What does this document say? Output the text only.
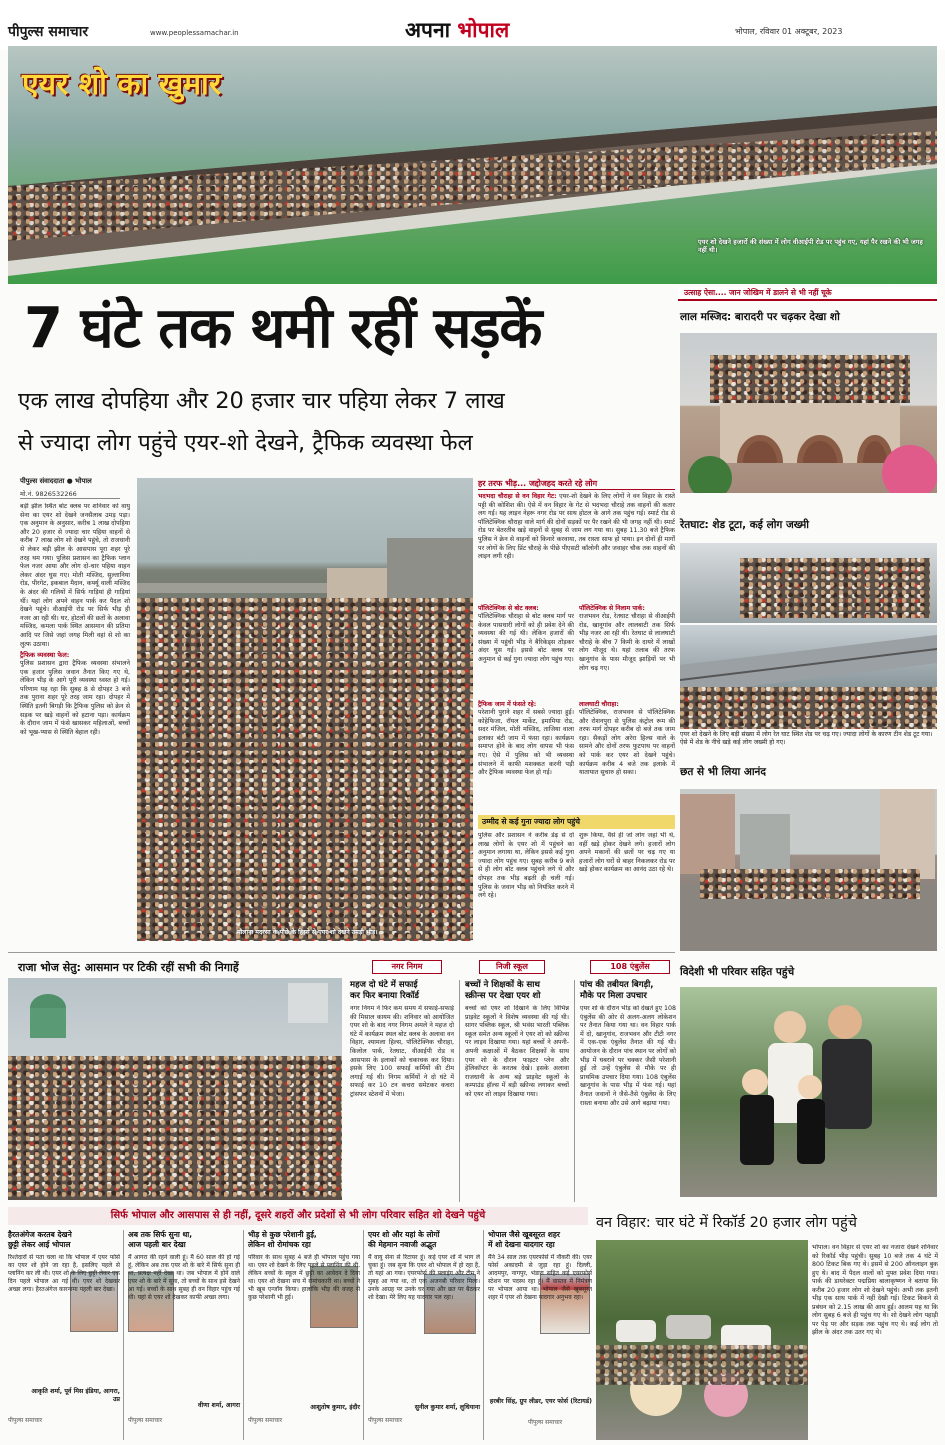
पीपुल्स समाचार	www.peoplessamachar.in	अपना भोपाल	भोपाल, रविवार 01 अक्टूबर, 2023
एयर शो का खुमार
एयर शो देखने हजारों की संख्या में लोग वीआईपी रोड पर पहुंच गए, यहां पैर रखने की भी जगह नहीं थी।
7 घंटे तक थमी रहीं सड़कें
एक लाख दोपहिया और 20 हजार चार पहिया लेकर 7 लाख
से ज्यादा लोग पहुंचे एयर-शो देखने, ट्रैफिक व्यवस्था फेल
उत्साह ऐसा.... जान जोखिम में डालने से भी नहीं चूके
लाल मस्जिद: बारादरी पर चढ़कर देखा शो
रेतघाट: शेड टूटा, कई लोग जख्मी
एयर शो देखने के लिए बड़ी संख्या में लोग रेत घाट स्थित शेड पर चढ़ गए। ज्यादा लोगों के कारण टीन शेड टूट गया। ऐसे में शेड के नीचे खड़े कई लोग जख्मी हो गए।
छत से भी लिया आनंद
विदेशी भी परिवार सहित पहुंचे
पीपुल्स संवाददाता ● भोपाल
मो.नं. 9826532266
बड़ी झील स्थित बोट क्लब पर शनिवार को वायु सेना का एयर शो देखने जनसैलाब उमड़ पड़ा। एक अनुमान के अनुसार, करीब 1 लाख दोपहिया और 20 हजार से ज्यादा चार पहिया वाहनों से करीब 7 लाख लोग शो देखने पहुंचे, तो राजधानी से लेकर बड़ी झील के आसपास पूरा शहर पूरे तरह थम गया। पुलिस प्रशासन का ट्रैफिक प्लान फेल नजर आया और लोग दो-चार पहिया वाहन लेकर अंदर घुस गए। मोती मस्जिद, सुल्तानिया रोड, पीरगेट, इकबाल मैदान, कर्फ्यू वाली मस्जिद के अंदर की गलियों में सिर्फ गाड़ियां ही गाड़ियां थीं। यहां लोग अपने वाहन पार्क कर पैदल शो देखने पहुंचे। वीआईपी रोड पर सिर्फ भीड़ ही नजर आ रही थी। घर, होटलों की छतों के अलावा मस्जिद, कमला पार्क स्थित आसमान की प्रतिमा आदि पर जिसे जहां जगह मिली वहां से शो का लुत्फ उठाया।
ट्रैफिक व्यवस्था फेल:
पुलिस प्रशासन द्वारा ट्रैफिक व्यवस्था संभालने एक हजार पुलिस जवान तैनात किए गए थे, लेकिन भीड़ के आगे पूरी व्यवस्था ध्वस्त हो गई। परिणाम यह रहा कि सुबह 8 से दोपहर 3 बजे तक पुराना शहर पूरे तरह जाम रहा। दोपहर में स्थिति इतनी बिगड़ी कि ट्रैफिक पुलिस को क्रेन से सड़क पर खड़े वाहनों को हटाना पड़ा। कार्यक्रम के दौरान जाम में फंसे खासकर महिलाओं, बच्चों को भूख-प्यास से स्थिति बेहाल रही।
मौलाना मदरसा के पीछे के हिस्से से एयर शो देखने उमड़ी भीड़।
हर तरफ भीड़... जद्दोजहद करते रहे लोग
भदभदा चौराहा से वन विहार गेट: एयर-शो देखने के लिए लोगों ने वन विहार के रास्ते पट्टी की कोशिश की। ऐसे में वन विहार के गेट से भदभदा चौराहे तक वाहनों की कतार लग गई। यह लाइन नेहरू नगर रोड पर साथ होटल के आगे तक पहुंच गई। स्मार्ट रोड से पॉलिटेक्निक चौराहा वाले मार्ग की दोनों सड़कों पर पैर रखने की भी जगह नहीं थी। स्मार्ट रोड पर बेतरतीब खड़े वाहनों से सुबह से जाम लग गया था। सुबह 11.30 बजे ट्रैफिक पुलिस ने क्रेन से वाहनों को किनारे करवाया, तब रास्ता साफ हो पाया। इन दोनों ही मार्गों पर लोगों के लिए प्रिंट चौराहे के पीछे पीएसटी कॉलोनी और जवाहर चौक तक वाहनों की लाइन लगी रही।
पॉलिटेक्निक से बोट क्लब:
पॉलिटेक्निक चौराहा से बोट क्लब मार्ग पर केवल पासधारी लोगों को ही प्रवेश देने की व्यवस्था की गई थी। लेकिन हजारों की संख्या में पहुंची भीड़ ने बैरिकेड्स तोड़कर अंदर घुस गई। इससे बोट क्लब पर अनुमान से कई गुना ज्यादा लोग पहुंच गए।
ट्रैफिक जाम में फंसते रहे:
परेशानी पुराने शहर में सबसे ज्यादा हुई। कोहेफिजा, रॉयल मार्केट, इमामिया रोड, सदर मंजिल, मोती मस्जिद, ताजिया वाला इलाका बंटी जाम में फंसा रहा। कार्यक्रम समाप्त होने के बाद लोग वापस भी फंस गए। ऐसे में पुलिस को भी व्यवस्था संभालने में काफी मशक्कत करनी पड़ी और ट्रैफिक व्यवस्था फेल हो गई।
पॉलिटेक्निक से निलाम पार्क:
राजभवन रोड, रेतघाट चौराहा से वीआईपी रोड, खानूगांव और लालबाटी तक सिर्फ भीड़ नजर आ रही थी। रेतघाट से लालघाटी चौराहे के बीच 7 किमी के दायरे में लाखों लोग मौजूद थे। यहां तलाब की तरफ खानूगांव के पास मौजूद झाड़ियों पर भी लोग चढ़ गए।
लालघाटी चौराहा:
पॉलिटेक्निक, राजभवन से पॉलिटेक्निक और रोशनपुरा से पुलिस कंट्रोल रूम की तरफ मार्ग दोपहर करीब दो बजे तक जाम रहा। सैकड़ों लोग अरेरा हिल्स वाले के सामने और दोनों तरफ फुटपाथ पर वाहनों को पार्क कर एयर शो देखने पहुंचे। कार्यक्रम करीब 4 बजे तक इलाके में यातायात सुचारु हो सका।
उम्मीद से कई गुना ज्यादा लोग पहुंचे
पुलिस और प्रशासन ने करीब डेढ़ से दो लाख लोगों के एयर शो में पहुंचने का अनुमान लगाया था, लेकिन इससे कई गुना ज्यादा लोग पहुंच गए। सुबह करीब 9 बजे से ही लोग बोट क्लब पहुंचने लगे थे और दोपहर तक भीड़ बढ़ती ही चली गई। पुलिस के जवान भीड़ को नियंत्रित करने में लगे रहे।
शुरू किया, वैसे ही जो लोग जहां भी थे, वहीं खड़े होकर देखने लगे। हजारों लोग अपने मकानों की छतों पर चढ़ गए या हजारों लोग घरों से बाहर निकलकर रोड पर खड़े होकर कार्यक्रम का आनंद उठा रहे थे।
राजा भोज सेतु: आसमान पर टिकी रहीं सभी की निगाहें	नगर निगम	निजी स्कूल	108 एंबुलेंस
महज दो घंटे में सफाई
कर फिर बनाया रिकॉर्ड
नगर निगम ने फिर कम समय में सफाई-सफाई की मिसाल कायम की। शनिवार को आयोजित एयर शो के बाद नगर निगम अमले ने महज दो घंटे में कार्यक्रम स्थल बोट क्लब के अलावा वन विहार, श्यामला हिल्स, पॉलिटेक्निक चौराहा, किलोल पार्क, रेतघाट, वीआईपी रोड व आसपास के इलाकों को चकाचक कर दिया। इसके लिए 100 सफाई कर्मियों की टीम लगाई गई थी। निगम कर्मियों ने दो घंटे में सफाई कर 10 टन कचरा समेटकर कचरा ट्रांसफर स्टेशनों में भेजा।
बच्चों ने शिक्षकों के साथ
स्क्रीन्स पर देखा एयर शो
बच्चों को एयर शो दिखाने के लिए विभिन्न प्राइवेट स्कूलों ने विशेष व्यवस्था की गई थी। सागर पब्लिक स्कूल, श्री भवंस भारती पब्लिक स्कूल समेत अन्य स्कूलों ने एयर शो को स्क्रीन्स पर लाइव दिखाया गया। यहां बच्चों ने अपनी-अपनी कक्षाओं में बैठकर शिक्षकों के साथ एयर शो के दौरान फाइटर प्लेन और हेलिकॉप्टर के करतब देखे। इसके अलावा राजधानी के अन्य बड़े प्राइवेट स्कूलों के कम्पाउंड हॉल्स में बड़ी स्क्रीन्स लगाकर बच्चों को एयर शो लाइव दिखाया गया।
पांच की तबीयत बिगड़ी,
मौके पर मिला उपचार
एयर शो के दौरान भीड़ को देखते हुए 108 एंबुलेंस की ओर से अलग-अलग लोकेशन पर तैनात किया गया था। वन विहार पार्क में दो, खानूगांव, राजभवन और टीटी नगर में एक-एक एंबुलेंस तैनात की गई थी। आयोजन के दौरान पांच स्थान पर लोगों को भीड़ में घबराने पर चक्कर जैसी परेशानी हुई तो उन्हें एंबुलेंस से मौके पर ही प्राथमिक उपचार दिया गया। 108 एंबुलेंस खानूगांव के पास भीड़ में फंस गई। यहां तैनात जवानों ने जैसे-तैसे एंबुलेंस के लिए रास्ता बनाया और उसे आगे बढ़ाया गया।
सिर्फ भोपाल और आसपास से ही नहीं, दूसरे शहरों और प्रदेशों से भी लोग परिवार सहित शो देखने पहुंचे
हैरतअंगेज करतब देखने
छुट्टी लेकर आई भोपाल
रिश्तेदारों से पता चला था कि भोपाल में एयर फोर्स का एयर शो होने जा रहा है, इसलिए पहले से प्लानिंग कर ली थी। एयर शो के लिए छुट्टी लेकर एक दिन पहले भोपाल आ गई थी। एयर शो देखकर अच्छा लगा। हैरतअंगेज कारनामा पहली बार देखा।
आकृति शर्मा, पूर्व मिस इंडिया, आगरा, उप्र
पीपुल्स समाचार
अब तक सिर्फ सुना था,
आज पहली बार देखा
मैं आगरा की रहने वाली हूं। मैं 60 साल की हो गई हूं, लेकिन अब तक एयर शो के बारे में सिर्फ सुना ही था, प्रत्यक्ष नहीं देखा था। जब भोपाल में होने वाले एयर शो के बारे में सुना, तो बच्चों के साथ इसे देखने आ गई। बच्चों के साथ सुबह ही वन विहार पहुंच गई थी। यहां से एयर शो देखकर काफी अच्छा लगा।
वीणा शर्मा, आगरा
पीपुल्स समाचार
भीड़ से कुछ परेशानी हुई,
लेकिन शो रोमांचक रहा
परिवार के साथ सुबह 4 बजे ही भोपाल पहुंच गया था। एयर शो देखने के लिए पहले से प्लानिंग की थी, लेकिन बच्चों के स्कूल में छुट्टी का आवेदन दे दिया था। एयर शो देखना सच में रोमांचकारी था। बच्चों ने भी खूब एन्जॉय किया। हालांकि भीड़ की वजह से कुछ परेशानी भी हुई।
आशुतोष कुमार, इंदौर
पीपुल्स समाचार
एयर शो और यहां के लोगों
की मेहमान नवाजी अद्भुत
मैं वायु सेना से रिटायर हूं। कई एयर शो में भाग ले चुका हूं। जब सुना कि एयर शो भोपाल में हो रहा है, तो यहां आ गया। एयरफोर्स की फ्लाइंग और टीम ने सुबह आ गया था, तो एक अजनबी परिवार मिला। उनके आग्रह पर उनके घर गया और छत पर बैठकर शो देखा। मेरे लिए यह यादगार पल रहा।
सुनील कुमार शर्मा, लुधियाना
पीपुल्स समाचार
भोपाल जैसे खूबसूरत शहर
में शो देखना यादगार रहा
मैंने 34 साल तक एयरफोर्स में नौकरी की। एयर फोर्स अकादमी से जुड़ा रहा हूं। दिल्ली, आदमपुर, नागपुर, भंडारा सहित कई एयरफोर्स स्टेशन पर पदस्थ रहा हूं। मैं वास्तव में निमंत्रण पर भोपाल आया था। भोपाल जैसे खूबसूरत शहर में एयर शो देखना यादगार अनुभव रहा।
हरबीर सिंह, ग्रुप लीडर, एयर फोर्स (रिटायर्ड)
पीपुल्स समाचार
वन विहार: चार घंटे में रिकॉर्ड 20 हजार लोग पहुंचे
भोपाल। वन विहार से एयर शो का नजारा देखने शनिवार को रिकॉर्ड भीड़ पहुंची। सुबह 10 बजे तक 4 घंटे में 800 टिकट बिक गए थे। इसमें से 200 ऑनलाइन बुक हुए थे। बाद में पैदल वालों को मुफ्त प्रवेश दिया गया। पार्क की डायरेक्टर पद्मप्रिया बालाकृष्णन ने बताया कि करीब 20 हजार लोग शो देखने पहुंचे। अभी तक इतनी भीड़ एक साथ पार्क में नहीं देखी गई। टिकट बिकने से प्रबंधन को 2.15 लाख की आय हुई। आलम यह था कि लोग सुबह 6 बजे ही पहुंच गए थे। शो देखने लोग पहाड़ी पर पेड़ पर और सड़क तक पहुंच गए थे। कई लोग तो झील के अंदर तक उतर गए थे।
